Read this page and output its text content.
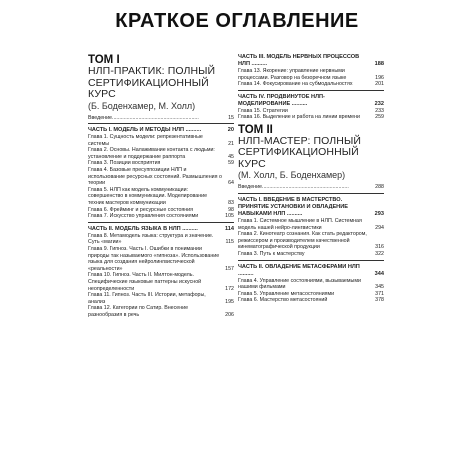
КРАТКОЕ ОГЛАВЛЕНИЕ
ТОМ I
НЛП-ПРАКТИК: ПОЛНЫЙ СЕРТИФИКАЦИОННЫЙ КУРС
(Б. Боденхамер, М. Холл)
Введение...........................................................	15
ЧАСТЬ I. МОДЕЛЬ И МЕТОДЫ НЛП ..........	20
Глава 1. Сущность модели: репрезентативные системы	21
Глава 2. Основы. Налаживание контакта с людьми: установление и поддержание раппорта	45
Глава 3. Позиции восприятия	59
Глава 4. Базовые пресуппозиции НЛП и использование ресурсных состояний. Размышления о теории	64
Глава 5. НЛП как модель коммуникации: совершенство в коммуникации. Моделирование техник мастеров коммуникации	83
Глава 6. Фрейминг и ресурсные состояния	98
Глава 7. Искусство управления состояниями	105
ЧАСТЬ II. МОДЕЛЬ ЯЗЫКА В НЛП ..........	114
Глава 8. Метамодель языка: структура и значение. Суть «магии»	115
Глава 9. Гипноз. Часть I. Ошибки в понимании природы так называемого «гипноза». Использование языка для создания нейролингвистической «реальности»	157
Глава 10. Гипноз. Часть II. Милтон-модель. Специфические языковые паттерны искусной неопределенности	172
Глава 11. Гипноз. Часть III. Истории, метафоры, анализ	195
Глава 12. Категории по Сатир. Внесение разнообразия в речь	206
ЧАСТЬ III. МОДЕЛЬ НЕРВНЫХ ПРОЦЕССОВ НЛП ..........	188
Глава 13. Якорение: управление нервными процессами. Разговор на безоречном языке	196
Глава 14. Фокусирование на субмодальностях	201
ЧАСТЬ IV. ПРОДВИНУТОЕ НЛП-МОДЕЛИРОВАНИЕ ..........	232
Глава 15. Стратегии	233
Глава 16. Выделение и работа на линии времени	259
ТОМ II
НЛП-МАСТЕР: ПОЛНЫЙ СЕРТИФИКАЦИОННЫЙ КУРС
(М. Холл, Б. Боденхамер)
Введение...........................................................	288
ЧАСТЬ I. ВВЕДЕНИЕ В МАСТЕРСТВО. ПРИНЯТИЕ УСТАНОВКИ И ОВЛАДЕНИЕ НАВЫКАМИ НЛП ..........	293
Глава 1. Системное мышление в НЛП. Системная модель нашей нейро-лингвистики	294
Глава 2. Кинотеатр сознания. Как стать редактором, режиссером и производителем качественной кинематографической продукции	316
Глава 3. Путь к мастерству	322
ЧАСТЬ II. ОВЛАДЕНИЕ МЕТАСФЕРАМИ НЛП ..........	344
Глава 4. Управление состояниями, вызываемыми нашими фильмами	345
Глава 5. Управление метасостояниями	371
Глава 6. Мастерство метасостояний	378
